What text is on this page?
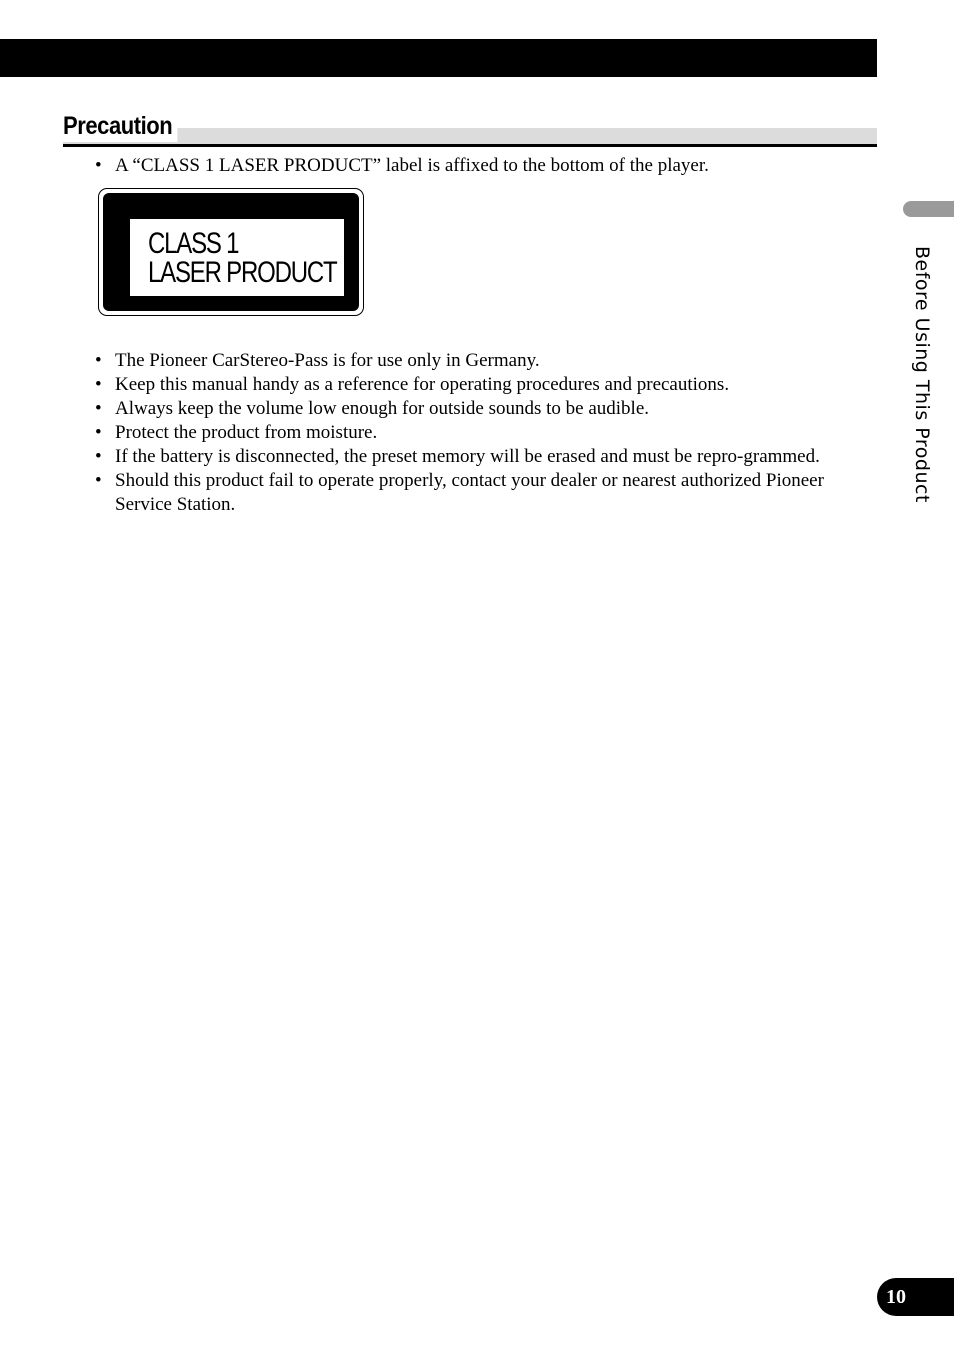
Precaution
• A “CLASS 1 LASER PRODUCT” label is affixed to the bottom of the player.
CLASS 1
LASER PRODUCT
• The Pioneer CarStereo-Pass is for use only in Germany.
• Keep this manual handy as a reference for operating procedures and precautions.
• Always keep the volume low enough for outside sounds to be audible.
• Protect the product from moisture.
• If the battery is disconnected, the preset memory will be erased and must be repro-grammed.
• Should this product fail to operate properly, contact your dealer or nearest authorized Pioneer Service Station.
Before Using This Product
10
